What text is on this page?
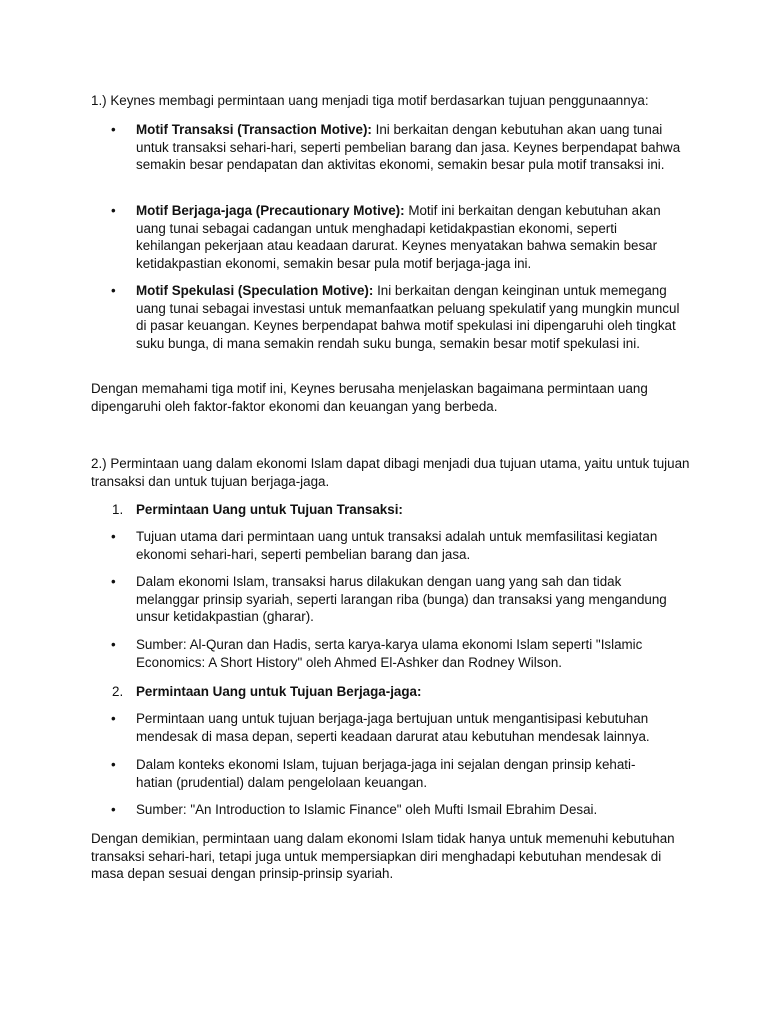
1.) Keynes membagi permintaan uang menjadi tiga motif berdasarkan tujuan penggunaannya:

•	Motif Transaksi (Transaction Motive): Ini berkaitan dengan kebutuhan akan uang tunai untuk transaksi sehari-hari, seperti pembelian barang dan jasa. Keynes berpendapat bahwa semakin besar pendapatan dan aktivitas ekonomi, semakin besar pula motif transaksi ini.

•	Motif Berjaga-jaga (Precautionary Motive): Motif ini berkaitan dengan kebutuhan akan uang tunai sebagai cadangan untuk menghadapi ketidakpastian ekonomi, seperti kehilangan pekerjaan atau keadaan darurat. Keynes menyatakan bahwa semakin besar ketidakpastian ekonomi, semakin besar pula motif berjaga-jaga ini.

•	Motif Spekulasi (Speculation Motive): Ini berkaitan dengan keinginan untuk memegang uang tunai sebagai investasi untuk memanfaatkan peluang spekulatif yang mungkin muncul di pasar keuangan. Keynes berpendapat bahwa motif spekulasi ini dipengaruhi oleh tingkat suku bunga, di mana semakin rendah suku bunga, semakin besar motif spekulasi ini.

Dengan memahami tiga motif ini, Keynes berusaha menjelaskan bagaimana permintaan uang dipengaruhi oleh faktor-faktor ekonomi dan keuangan yang berbeda.

2.) Permintaan uang dalam ekonomi Islam dapat dibagi menjadi dua tujuan utama, yaitu untuk tujuan transaksi dan untuk tujuan berjaga-jaga.

1. Permintaan Uang untuk Tujuan Transaksi:

•	Tujuan utama dari permintaan uang untuk transaksi adalah untuk memfasilitasi kegiatan ekonomi sehari-hari, seperti pembelian barang dan jasa.

•	Dalam ekonomi Islam, transaksi harus dilakukan dengan uang yang sah dan tidak melanggar prinsip syariah, seperti larangan riba (bunga) dan transaksi yang mengandung unsur ketidakpastian (gharar).

•	Sumber: Al-Quran dan Hadis, serta karya-karya ulama ekonomi Islam seperti "Islamic Economics: A Short History" oleh Ahmed El-Ashker dan Rodney Wilson.

2. Permintaan Uang untuk Tujuan Berjaga-jaga:

•	Permintaan uang untuk tujuan berjaga-jaga bertujuan untuk mengantisipasi kebutuhan mendesak di masa depan, seperti keadaan darurat atau kebutuhan mendesak lainnya.

•	Dalam konteks ekonomi Islam, tujuan berjaga-jaga ini sejalan dengan prinsip kehati-hatian (prudential) dalam pengelolaan keuangan.

•	Sumber: "An Introduction to Islamic Finance" oleh Mufti Ismail Ebrahim Desai.

Dengan demikian, permintaan uang dalam ekonomi Islam tidak hanya untuk memenuhi kebutuhan transaksi sehari-hari, tetapi juga untuk mempersiapkan diri menghadapi kebutuhan mendesak di masa depan sesuai dengan prinsip-prinsip syariah.
